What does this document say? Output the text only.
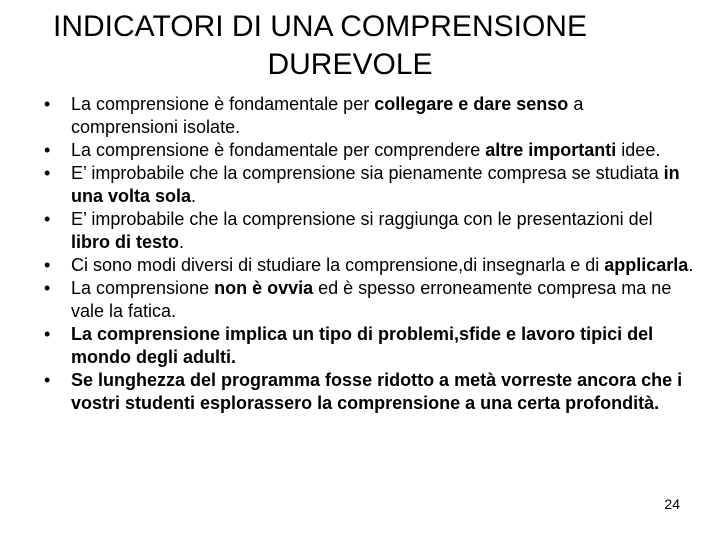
INDICATORI DI UNA COMPRENSIONE
DUREVOLE
• La comprensione è fondamentale per collegare e dare senso a comprensioni isolate.
• La comprensione è fondamentale per comprendere altre importanti idee.
• E’ improbabile che la comprensione sia pienamente compresa se studiata in una volta sola.
• E’ improbabile che la comprensione si raggiunga con le presentazioni del libro di testo.
• Ci sono modi diversi di studiare la comprensione,di insegnarla e di applicarla.
• La comprensione non è ovvia ed è spesso erroneamente compresa ma ne vale la fatica.
• La comprensione implica un tipo di problemi,sfide e lavoro tipici del mondo degli adulti.
• Se lunghezza del programma fosse ridotto a metà vorreste ancora che i vostri studenti esplorassero la comprensione a una certa profondità.
24
